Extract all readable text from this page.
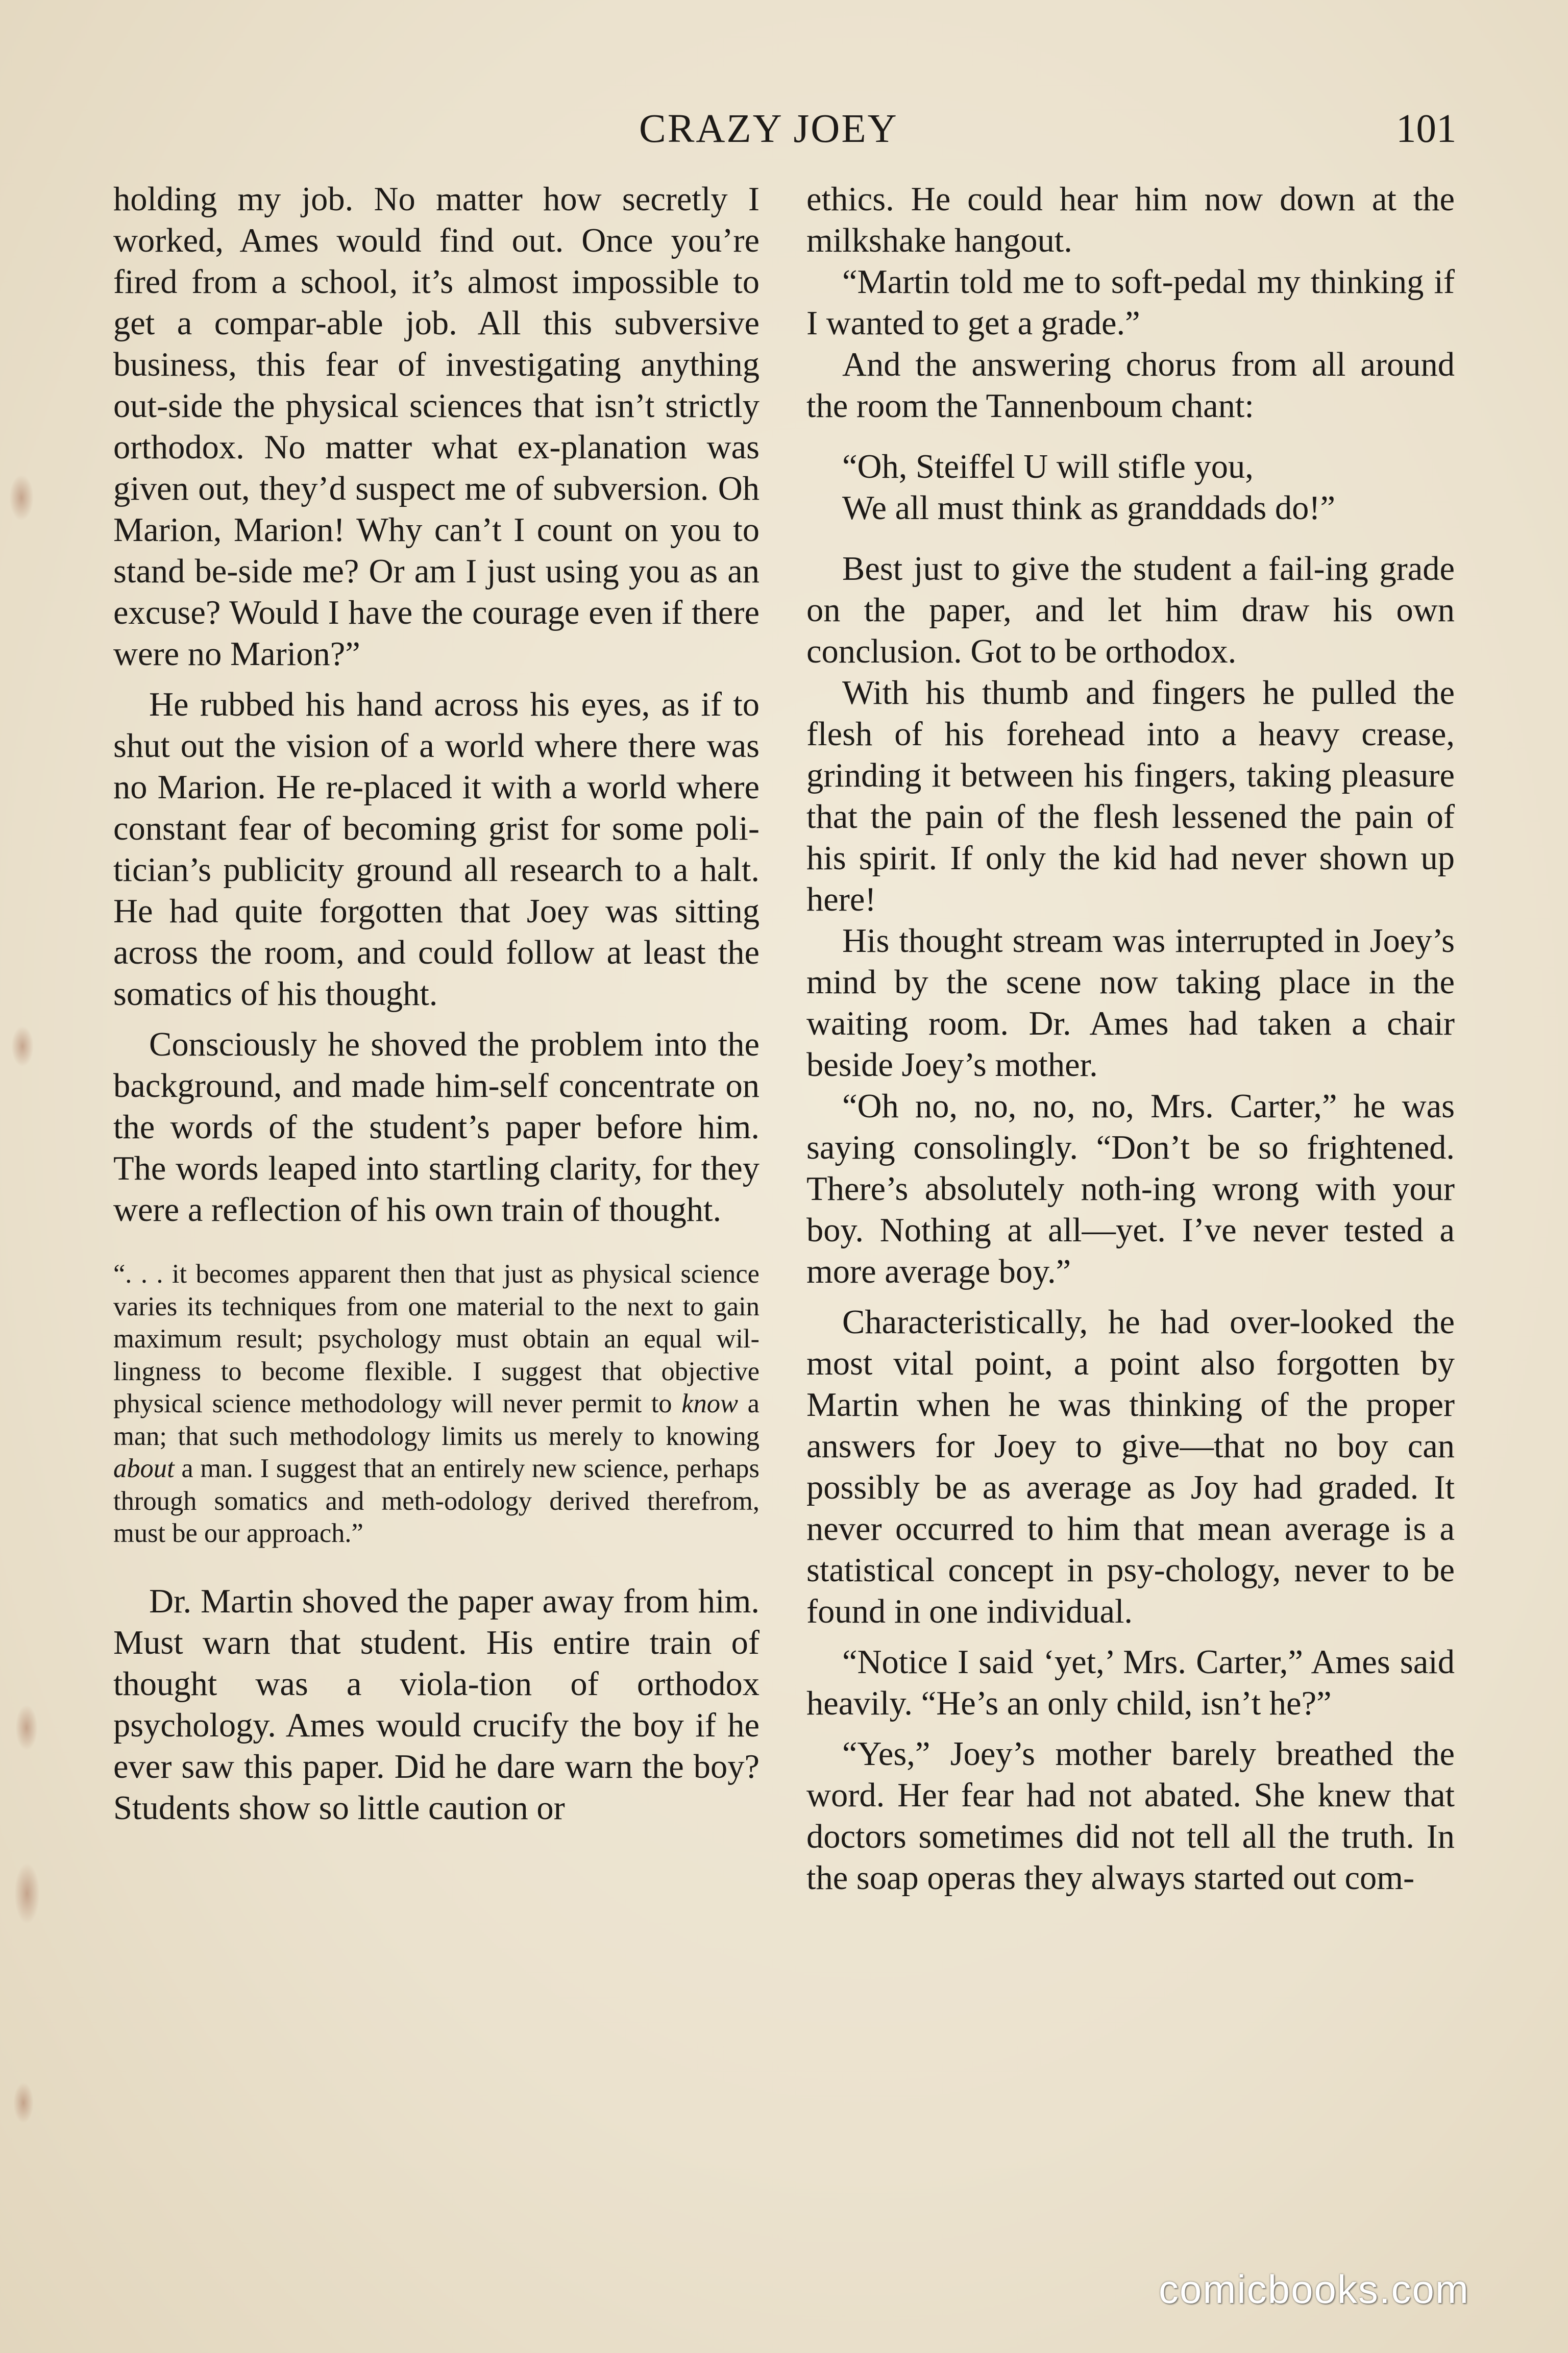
CRAZY JOEY	101

holding my job. No matter how secretly I worked, Ames would find out. Once you’re fired from a school, it’s almost impossible to get a compar-able job. All this subversive business, this fear of investigating anything out-side the physical sciences that isn’t strictly orthodox. No matter what ex-planation was given out, they’d suspect me of subversion. Oh Marion, Marion! Why can’t I count on you to stand be-side me? Or am I just using you as an excuse? Would I have the courage even if there were no Marion?”

He rubbed his hand across his eyes, as if to shut out the vision of a world where there was no Marion. He re-placed it with a world where constant fear of becoming grist for some poli-tician’s publicity ground all research to a halt. He had quite forgotten that Joey was sitting across the room, and could follow at least the somatics of his thought.

Consciously he shoved the problem into the background, and made him-self concentrate on the words of the student’s paper before him. The words leaped into startling clarity, for they were a reflection of his own train of thought.

“. . . it becomes apparent then that just as physical science varies its techniques from one material to the next to gain maximum result; psychology must obtain an equal wil-lingness to become flexible. I suggest that objective physical science methodology will never permit to know a man; that such methodology limits us merely to knowing about a man. I suggest that an entirely new science, perhaps through somatics and meth-odology derived therefrom, must be our approach.”

Dr. Martin shoved the paper away from him. Must warn that student. His entire train of thought was a viola-tion of orthodox psychology. Ames would crucify the boy if he ever saw this paper. Did he dare warn the boy? Students show so little caution or

ethics. He could hear him now down at the milkshake hangout.

“Martin told me to soft-pedal my thinking if I wanted to get a grade.”

And the answering chorus from all around the room the Tannenboum chant:

“Oh, Steiffel U will stifle you,
We all must think as granddads do!”

Best just to give the student a fail-ing grade on the paper, and let him draw his own conclusion. Got to be orthodox.

With his thumb and fingers he pulled the flesh of his forehead into a heavy crease, grinding it between his fingers, taking pleasure that the pain of the flesh lessened the pain of his spirit. If only the kid had never shown up here!

His thought stream was interrupted in Joey’s mind by the scene now taking place in the waiting room. Dr. Ames had taken a chair beside Joey’s mother.

“Oh no, no, no, no, Mrs. Carter,” he was saying consolingly. “Don’t be so frightened. There’s absolutely noth-ing wrong with your boy. Nothing at all—yet. I’ve never tested a more average boy.”

Characteristically, he had over-looked the most vital point, a point also forgotten by Martin when he was thinking of the proper answers for Joey to give—that no boy can possibly be as average as Joy had graded. It never occurred to him that mean average is a statistical concept in psy-chology, never to be found in one individual.

“Notice I said ‘yet,’ Mrs. Carter,” Ames said heavily. “He’s an only child, isn’t he?”

“Yes,” Joey’s mother barely breathed the word. Her fear had not abated. She knew that doctors sometimes did not tell all the truth. In the soap operas they always started out com-

comicbooks.com
